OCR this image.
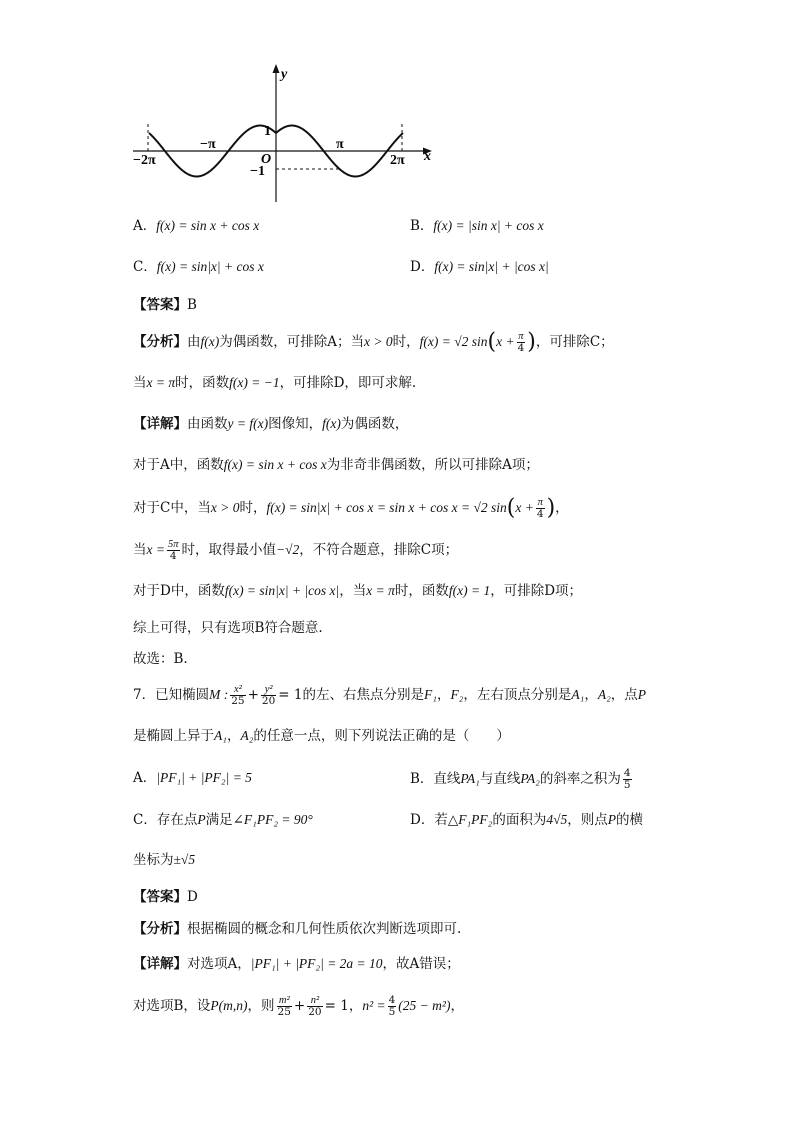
y
x
−2π
−π
O
1
−1
π
2π
A．f(x) = sin x + cos x	B．f(x) = |sin x| + cos x
C．f(x) = sin|x| + cos x	D．f(x) = sin|x| + |cos x|
【答案】B
【分析】由f(x)为偶函数，可排除A；当x > 0时，f(x) = √2 $\sin(x + \frac{\pi}{4}$ )，可排除C；
当x = π时，函数f(x) = −1，可排除D，即可求解.
【详解】由函数y = f(x)图像知，f(x)为偶函数，
对于A中，函数f(x) = sin x + cos x为非奇非偶函数，所以可排除A项；
对于C中，当x > 0时，f(x) = sin|x| + cos x = sin x + cos x = √2 $\sin(x + \frac{\pi}{4}$ )，
当$x = \frac{5\pi}{4}$ 时，取得最小值−√2，不符合题意，排除C项；
对于D中，函数f(x) = sin|x| + |cos x|，当x = π时，函数f(x) = 1，可排除D项；
综上可得，只有选项B符合题意.
故选：B.
7．已知椭圆M : $\frac{\text{x²}}{25} + \frac{\text{y²}}{20} = 1$的左、右焦点分别是F₁，F₂，左右顶点分别是A₁，A₂，点P
是椭圆上异于A₁，A₂的任意一点，则下列说法正确的是（　　）
A．|PF₁| + |PF₂| = 5	B．直线PA₁与直线PA₂的斜率之积为 $\frac{4}{5}$
C．存在点P满足∠F₁PF₂ = 90°	D．若△F₁PF₂的面积为4√5，则点P的横
坐标为±√5
【答案】D
【分析】根据椭圆的概念和几何性质依次判断选项即可.
【详解】对选项A，|PF₁| + |PF₂| = 2a = 10，故A错误；
对选项B，设P(m,n)，则 $\frac{\text{m²}}{25} + \frac{\text{n²}}{20} = 1$，$n^2 = \frac{4}{5} (25 - m^2)$，
